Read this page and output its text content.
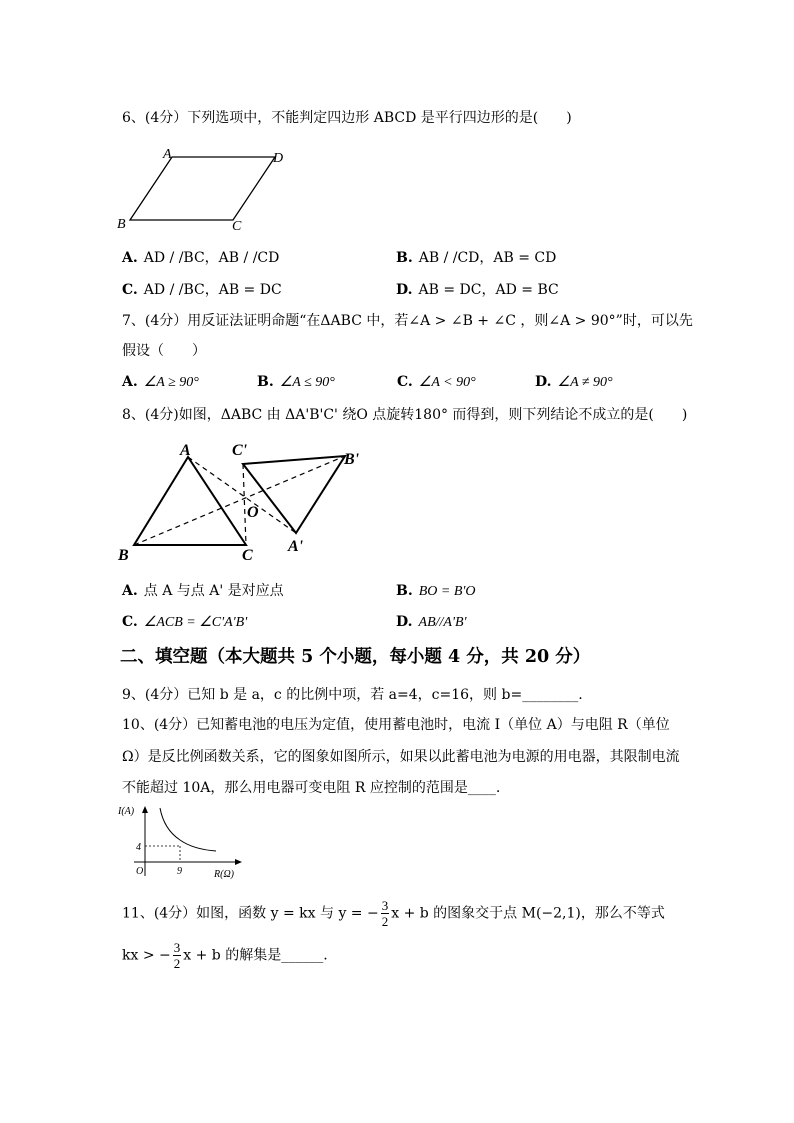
6、(4分）下列选项中，不能判定四边形 ABCD 是平行四边形的是(　　)
A	D
B	C
A. AD / /BC，AB / /CD	B. AB / /CD，AB = CD
C. AD / /BC，AB = DC	D. AB = DC，AD = BC
7、(4分）用反证法证明命题“在ΔABC 中，若∠A > ∠B + ∠C ，则∠A > 90°”时，可以先
假设（　　）
A. ∠A ≥ 90°	B. ∠A ≤ 90°	C. ∠A < 90°	D. ∠A ≠ 90°
8、(4分)如图，ΔABC 由 ΔA'B'C' 绕O 点旋转180° 而得到，则下列结论不成立的是(　　)
A	C'
B'
O
A'
B	C
A. 点 A 与点 A' 是对应点	B. BO = B'O
C. ∠ACB = ∠C'A'B'	D. AB//A'B'
二、填空题（本大题共 5 个小题，每小题 4 分，共 20 分）
9、(4分）已知 b 是 a，c 的比例中项，若 a=4，c=16，则 b=________.
10、(4分）已知蓄电池的电压为定值，使用蓄电池时，电流 I（单位 A）与电阻 R（单位
Ω）是反比例函数关系，它的图象如图所示，如果以此蓄电池为电源的用电器，其限制电流
不能超过 10A，那么用电器可变电阻 R 应控制的范围是____.
I(A)
4
O	9	R(Ω)
11、(4分）如图，函数 y = kx 与 y = − $\frac{3}{2}$ x + b 的图象交于点 M(−2,1)，那么不等式
kx > − $\frac{3}{2}$ x + b 的解集是______.
